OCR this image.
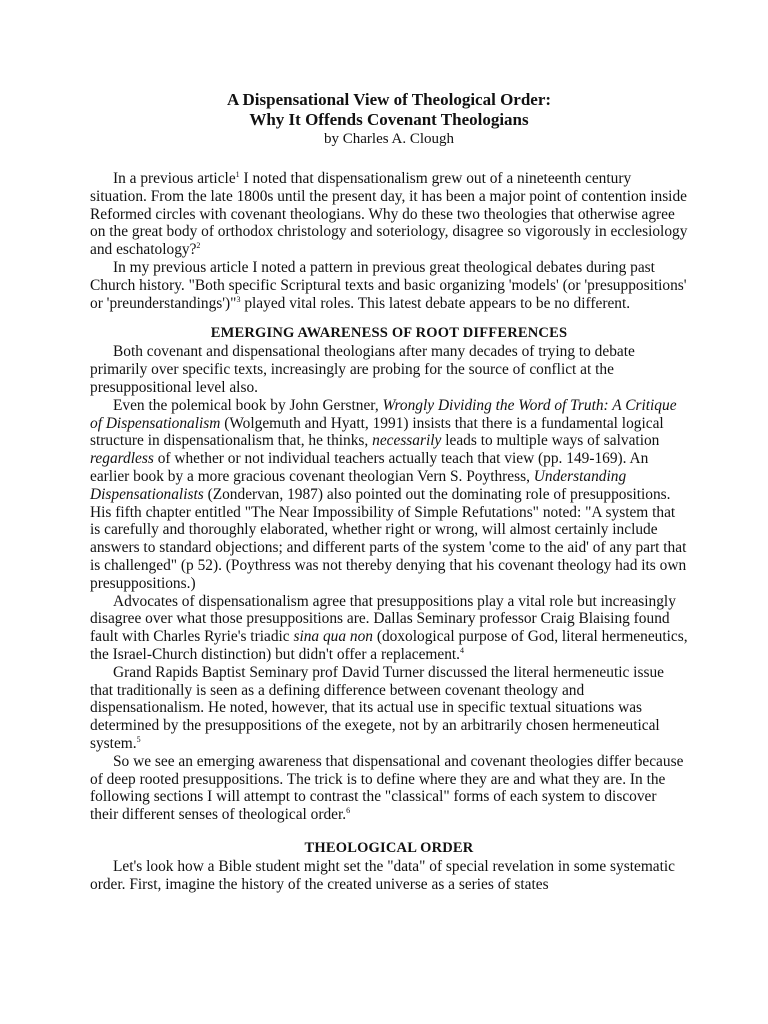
A Dispensational View of Theological Order:
Why It Offends Covenant Theologians

by Charles A. Clough

In a previous article$^1$ I noted that dispensationalism grew out of a nineteenth century situation. From the late 1800s until the present day, it has been a major point of contention inside Reformed circles with covenant theologians. Why do these two theologies that otherwise agree on the great body of orthodox christology and soteriology, disagree so vigorously in ecclesiology and eschatology?$^2$

In my previous article I noted a pattern in previous great theological debates during past Church history. "Both specific Scriptural texts and basic organizing 'models' (or 'presuppositions' or 'preunderstandings')"$^3$ played vital roles. This latest debate appears to be no different.

EMERGING AWARENESS OF ROOT DIFFERENCES

Both covenant and dispensational theologians after many decades of trying to debate primarily over specific texts, increasingly are probing for the source of conflict at the presuppositional level also.

Even the polemical book by John Gerstner, Wrongly Dividing the Word of Truth: A Critique of Dispensationalism (Wolgemuth and Hyatt, 1991) insists that there is a fundamental logical structure in dispensationalism that, he thinks, necessarily leads to multiple ways of salvation regardless of whether or not individual teachers actually teach that view (pp. 149-169). An earlier book by a more gracious covenant theologian Vern S. Poythress, Understanding Dispensationalists (Zondervan, 1987) also pointed out the dominating role of presuppositions. His fifth chapter entitled "The Near Impossibility of Simple Refutations" noted: "A system that is carefully and thoroughly elaborated, whether right or wrong, will almost certainly include answers to standard objections; and different parts of the system 'come to the aid' of any part that is challenged" (p 52). (Poythress was not thereby denying that his covenant theology had its own presuppositions.)

Advocates of dispensationalism agree that presuppositions play a vital role but increasingly disagree over what those presuppositions are. Dallas Seminary professor Craig Blaising found fault with Charles Ryrie's triadic sina qua non (doxological purpose of God, literal hermeneutics, the Israel-Church distinction) but didn't offer a replacement.$^4$

Grand Rapids Baptist Seminary prof David Turner discussed the literal hermeneutic issue that traditionally is seen as a defining difference between covenant theology and dispensationalism. He noted, however, that its actual use in specific textual situations was determined by the presuppositions of the exegete, not by an arbitrarily chosen hermeneutical system.$^5$

So we see an emerging awareness that dispensational and covenant theologies differ because of deep rooted presuppositions. The trick is to define where they are and what they are. In the following sections I will attempt to contrast the "classical" forms of each system to discover their different senses of theological order.$^6$

THEOLOGICAL ORDER

Let's look how a Bible student might set the "data" of special revelation in some systematic order. First, imagine the history of the created universe as a series of states
